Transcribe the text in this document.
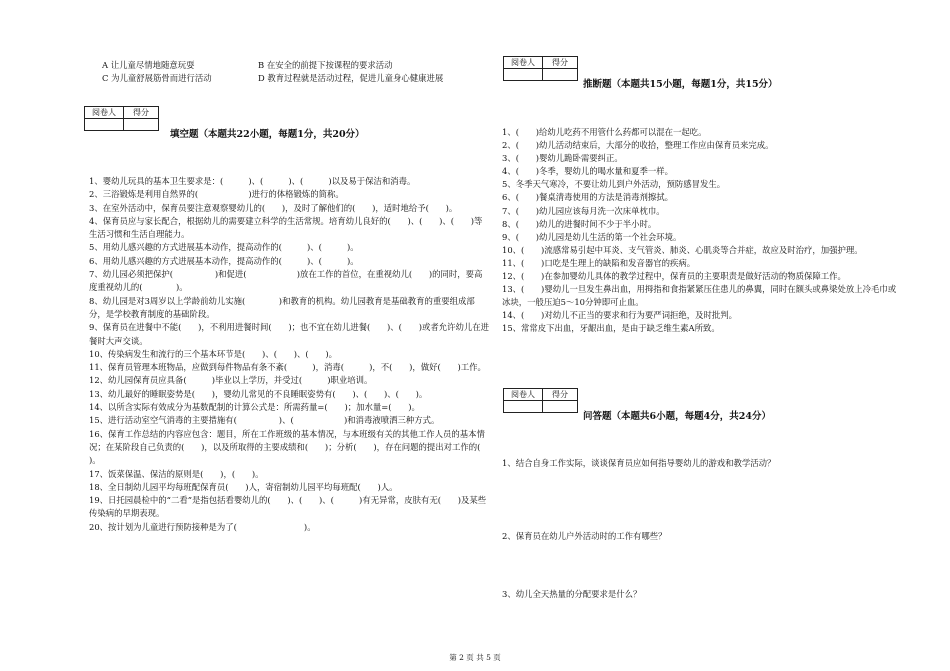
A 让儿童尽情地随意玩耍	B 在安全的前提下按课程的要求活动
C 为儿童舒展筋骨而进行活动	D 教育过程就是活动过程，促进儿童身心健康进展
阅卷人	得分

填空题（本题共22小题，每题1分，共20分）
1、婴幼儿玩具的基本卫生要求是：(　　　)、(　　　)、(　　　)以及易于保洁和消毒。
2、三浴锻炼是利用自然界的(　　　　　　)进行的体格锻炼的简称。
3、在室外活动中，保育员要注意观察婴幼儿的(　　)，及时了解他们的(　　)，适时地给予(　　)。
4、保育员应与家长配合，根据幼儿的需要建立科学的生活常规。培育幼儿良好的(　　)、(　　)、(　　)等生活习惯和生活自理能力。
5、用幼儿感兴趣的方式进展基本动作，提高动作的(　　　)、(　　　)。
6、用幼儿感兴趣的方式进展基本动作，提高动作的(　　　)、(　　　)。
7、幼儿园必须把保护(　　　　　)和促进(　　　　　　)放在工作的首位，在重视幼儿(　　)的同时，要高度重视幼儿的(　　　　)。
8、幼儿园是对3周岁以上学龄前幼儿实施(　　　　)和教育的机构。幼儿园教育是基础教育的重要组成部分，是学校教育制度的基础阶段。
9、保育员在进餐中不能(　　)，不利用进餐时间(　　)；也不宜在幼儿进餐(　　)、(　　)或者允许幼儿在进餐时大声交谈。
10、传染病发生和流行的三个基本环节是(　　)、(　　)、(　　)。
11、保育员管理本班物品，应做到每件物品有条不紊(　　　)，消毒(　　　)，不(　　)，做好(　　)工作。
12、幼儿园保育员应具备(　　　)毕业以上学历，并受过(　　　)职业培训。
13、幼儿最好的睡眠姿势是(　　)，婴幼儿常见的不良睡眠姿势有(　　)、(　　)、(　　)。
14、以所含实际有效成分为基数配制的计算公式是：所需药量=(　　)；加水量=(　　)。
15、进行活动室空气消毒的主要措施有(　　　　　)、(　　　　　　)和消毒液喷洒三种方式。
16、保育工作总结的内容应包含：题目，所在工作班级的基本情况，与本班级有关的其他工作人员的基本情况；在某阶段自己负责的(　　)，以及所取得的主要成绩和(　　)；分析(　　)，存在问题的提出对工作的(　　)。
17、饭菜保温、保洁的原则是(　　)，(　　)。
18、全日制幼儿园平均每班配保育员(　　)人，寄宿制幼儿园平均每班配(　　)人。
19、日托园晨检中的“二看”是指包括看婴幼儿的(　　)、(　　)、(　　　)有无异常，皮肤有无(　　)及某些传染病的早期表现。
20、按计划为儿童进行预防接种是为了(　　　　　　　　)。
阅卷人	得分

推断题（本题共15小题，每题1分，共15分）
1、(　　)给幼儿吃药不用管什么药都可以混在一起吃。
2、(　　)幼儿活动结束后，大部分的收拾，整理工作应由保育员来完成。
3、(　　)婴幼儿跪卧需要纠正。
4、(　　)冬季，婴幼儿的喝水量和夏季一样。
5、冬季天气寒冷，不要让幼儿到户外活动，预防感冒发生。
6、(　　)餐桌清毒使用的方法是消毒剂擦拭。
7、(　　)幼儿园应该每月洗一次床单枕巾。
8、(　　)幼儿的进餐时间不少于半小时。
9、(　　)幼儿园是幼儿生活的第一个社会环境。
10、(　　)流感常易引起中耳炎、支气管炎、肺炎、心肌炎等合并症，故应及时治疗，加强护理。
11、(　　)口吃是生理上的缺陷和发音器官的疾病。
12、(　　)在参加婴幼儿具体的教学过程中，保育员的主要职责是做好活动的物质保障工作。
13、(　　)婴幼儿一旦发生鼻出血，用拇指和食指紧紧压住患儿的鼻翼，同时在额头或鼻梁处放上冷毛巾或冰块，一般压迫5～10分钟即可止血。
14、(　　)对幼儿不正当的要求和行为要严词拒绝，及时批判。
15、常常皮下出血，牙龈出血，是由于缺乏维生素A所致。
阅卷人	得分

问答题（本题共6小题，每题4分，共24分）
1、结合自身工作实际，谈谈保育员应如何指导婴幼儿的游戏和教学活动？
2、保育员在幼儿户外活动时的工作有哪些？
3、幼儿全天热量的分配要求是什么？
第 2 页 共 5 页
